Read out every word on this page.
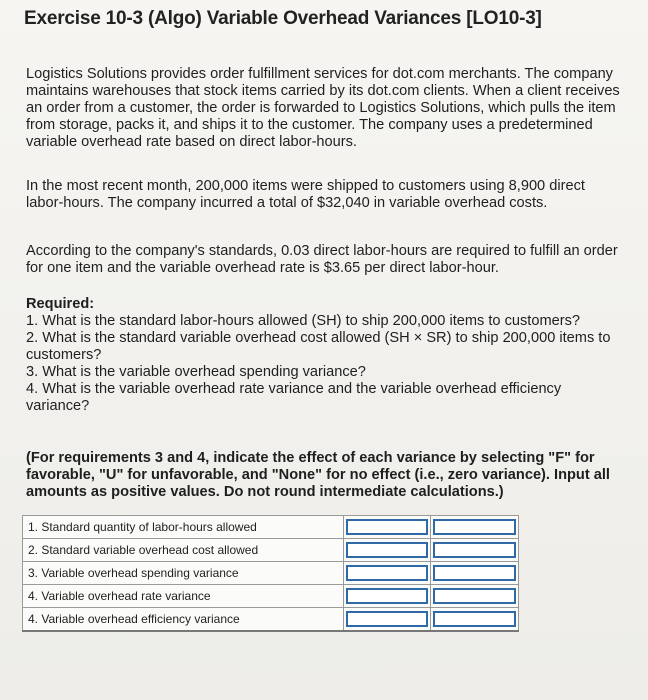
Exercise 10-3 (Algo) Variable Overhead Variances [LO10-3]
Logistics Solutions provides order fulfillment services for dot.com merchants. The company maintains warehouses that stock items carried by its dot.com clients. When a client receives an order from a customer, the order is forwarded to Logistics Solutions, which pulls the item from storage, packs it, and ships it to the customer. The company uses a predetermined variable overhead rate based on direct labor-hours.
In the most recent month, 200,000 items were shipped to customers using 8,900 direct labor-hours. The company incurred a total of $32,040 in variable overhead costs.
According to the company's standards, 0.03 direct labor-hours are required to fulfill an order for one item and the variable overhead rate is $3.65 per direct labor-hour.
Required:
1. What is the standard labor-hours allowed (SH) to ship 200,000 items to customers?
2. What is the standard variable overhead cost allowed (SH × SR) to ship 200,000 items to customers?
3. What is the variable overhead spending variance?
4. What is the variable overhead rate variance and the variable overhead efficiency variance?
(For requirements 3 and 4, indicate the effect of each variance by selecting "F" for favorable, "U" for unfavorable, and "None" for no effect (i.e., zero variance). Input all amounts as positive values. Do not round intermediate calculations.)
1. Standard quantity of labor-hours allowed	

2. Standard variable overhead cost allowed	

3. Variable overhead spending variance	

4. Variable overhead rate variance	

4. Variable overhead efficiency variance	
